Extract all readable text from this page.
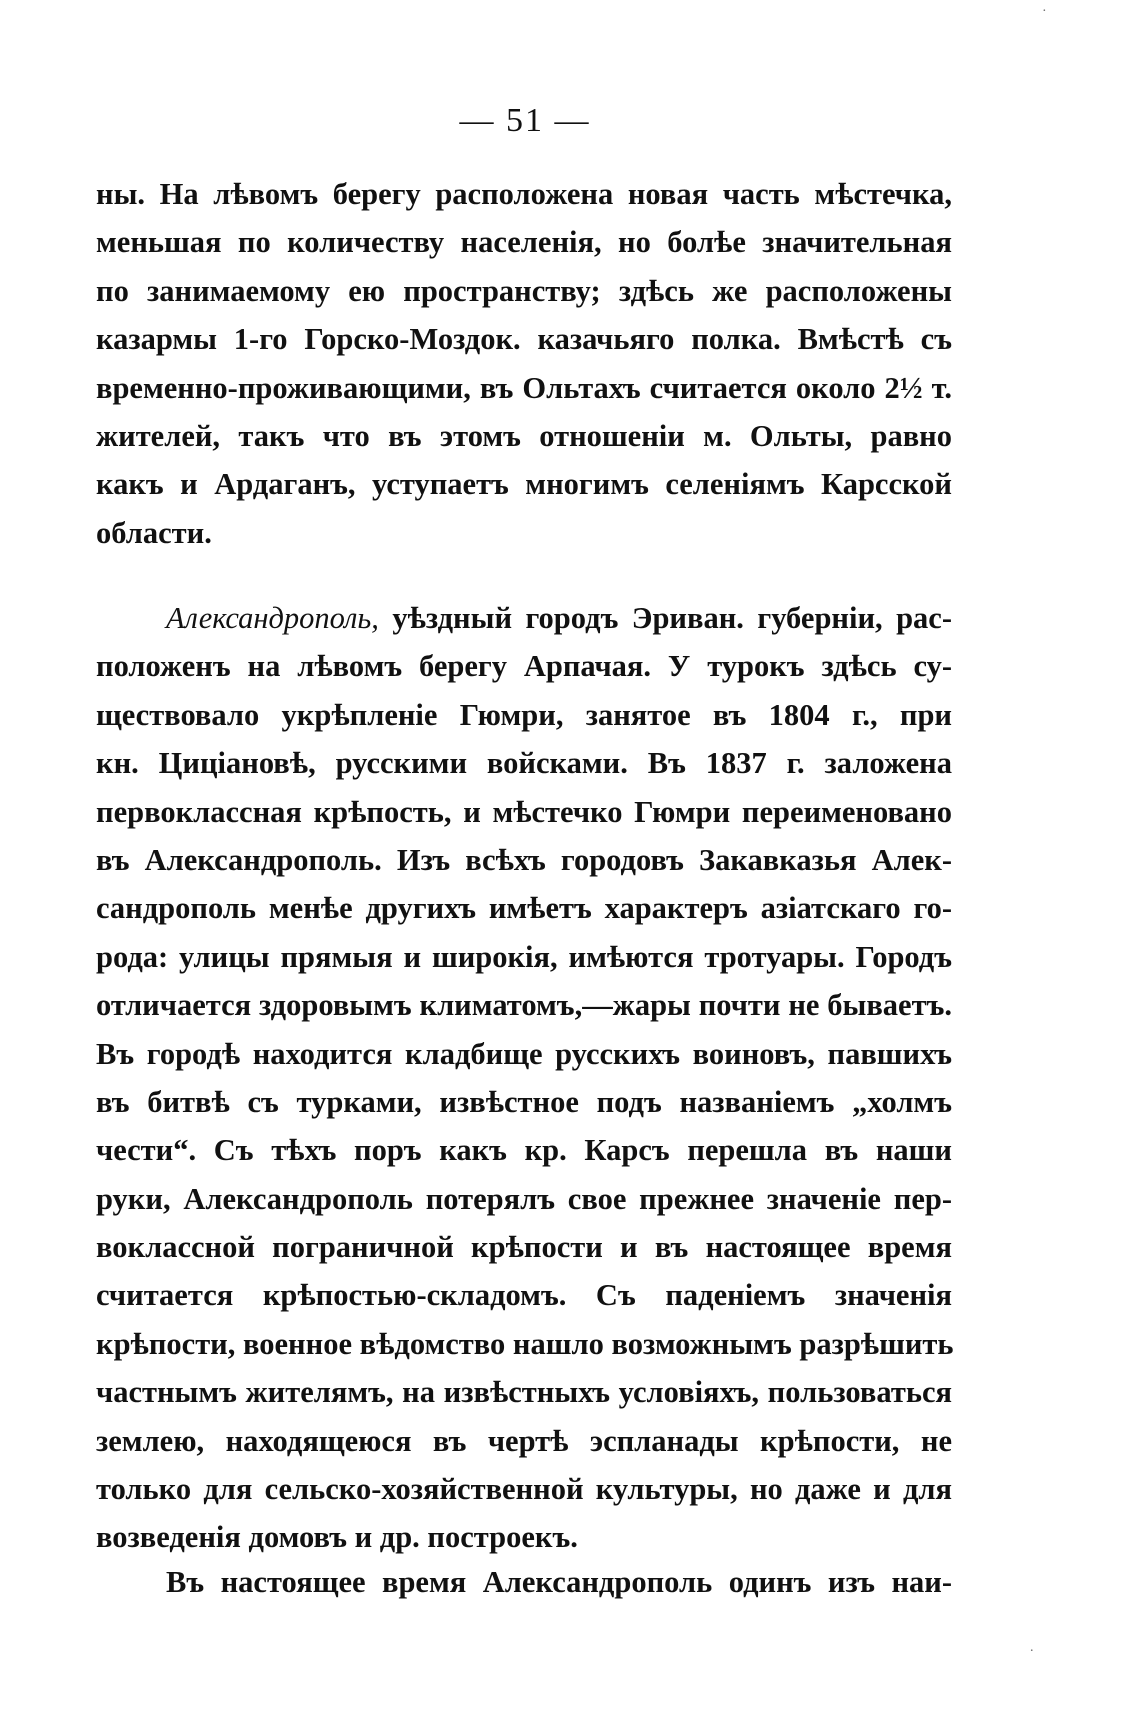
— 51 —
ны. На лѣвомъ берегу расположена новая часть мѣстечка,
меньшая по количеству населенія, но болѣе значительная
по занимаемому ею пространству; здѣсь же расположены
казармы 1-го Горско-Моздок. казачьяго полка. Вмѣстѣ съ
временно-проживающими, въ Ольтахъ считается около 2½ т.
жителей, такъ что въ этомъ отношеніи м. Ольты, равно
какъ и Ардаганъ, уступаетъ многимъ селеніямъ Карсской
области.
Александрополь, уѣздный городъ Эриван. губерніи, рас-
положенъ на лѣвомъ берегу Арпачая. У турокъ здѣсь су-
ществовало укрѣпленіе Гюмри, занятое въ 1804 г., при
кн. Циціановѣ, русскими войсками. Въ 1837 г. заложена
первоклассная крѣпость, и мѣстечко Гюмри переименовано
въ Александрополь. Изъ всѣхъ городовъ Закавказья Алек-
сандрополь менѣе другихъ имѣетъ характеръ азіатскаго го-
рода: улицы прямыя и широкія, имѣются тротуары. Городъ
отличается здоровымъ климатомъ,—жары почти не бываетъ.
Въ городѣ находится кладбище русскихъ воиновъ, павшихъ
въ битвѣ съ турками, извѣстное подъ названіемъ „холмъ
чести“. Съ тѣхъ поръ какъ кр. Карсъ перешла въ наши
руки, Александрополь потерялъ свое прежнее значеніе пер-
воклассной пограничной крѣпости и въ настоящее время
считается крѣпостью-складомъ. Съ паденіемъ значенія
крѣпости, военное вѣдомство нашло возможнымъ разрѣшить
частнымъ жителямъ, на извѣстныхъ условіяхъ, пользоваться
землею, находящеюся въ чертѣ эспланады крѣпости, не
только для сельско-хозяйственной культуры, но даже и для
возведенія домовъ и др. построекъ.
Въ настоящее время Александрополь одинъ изъ наи-
·
.
